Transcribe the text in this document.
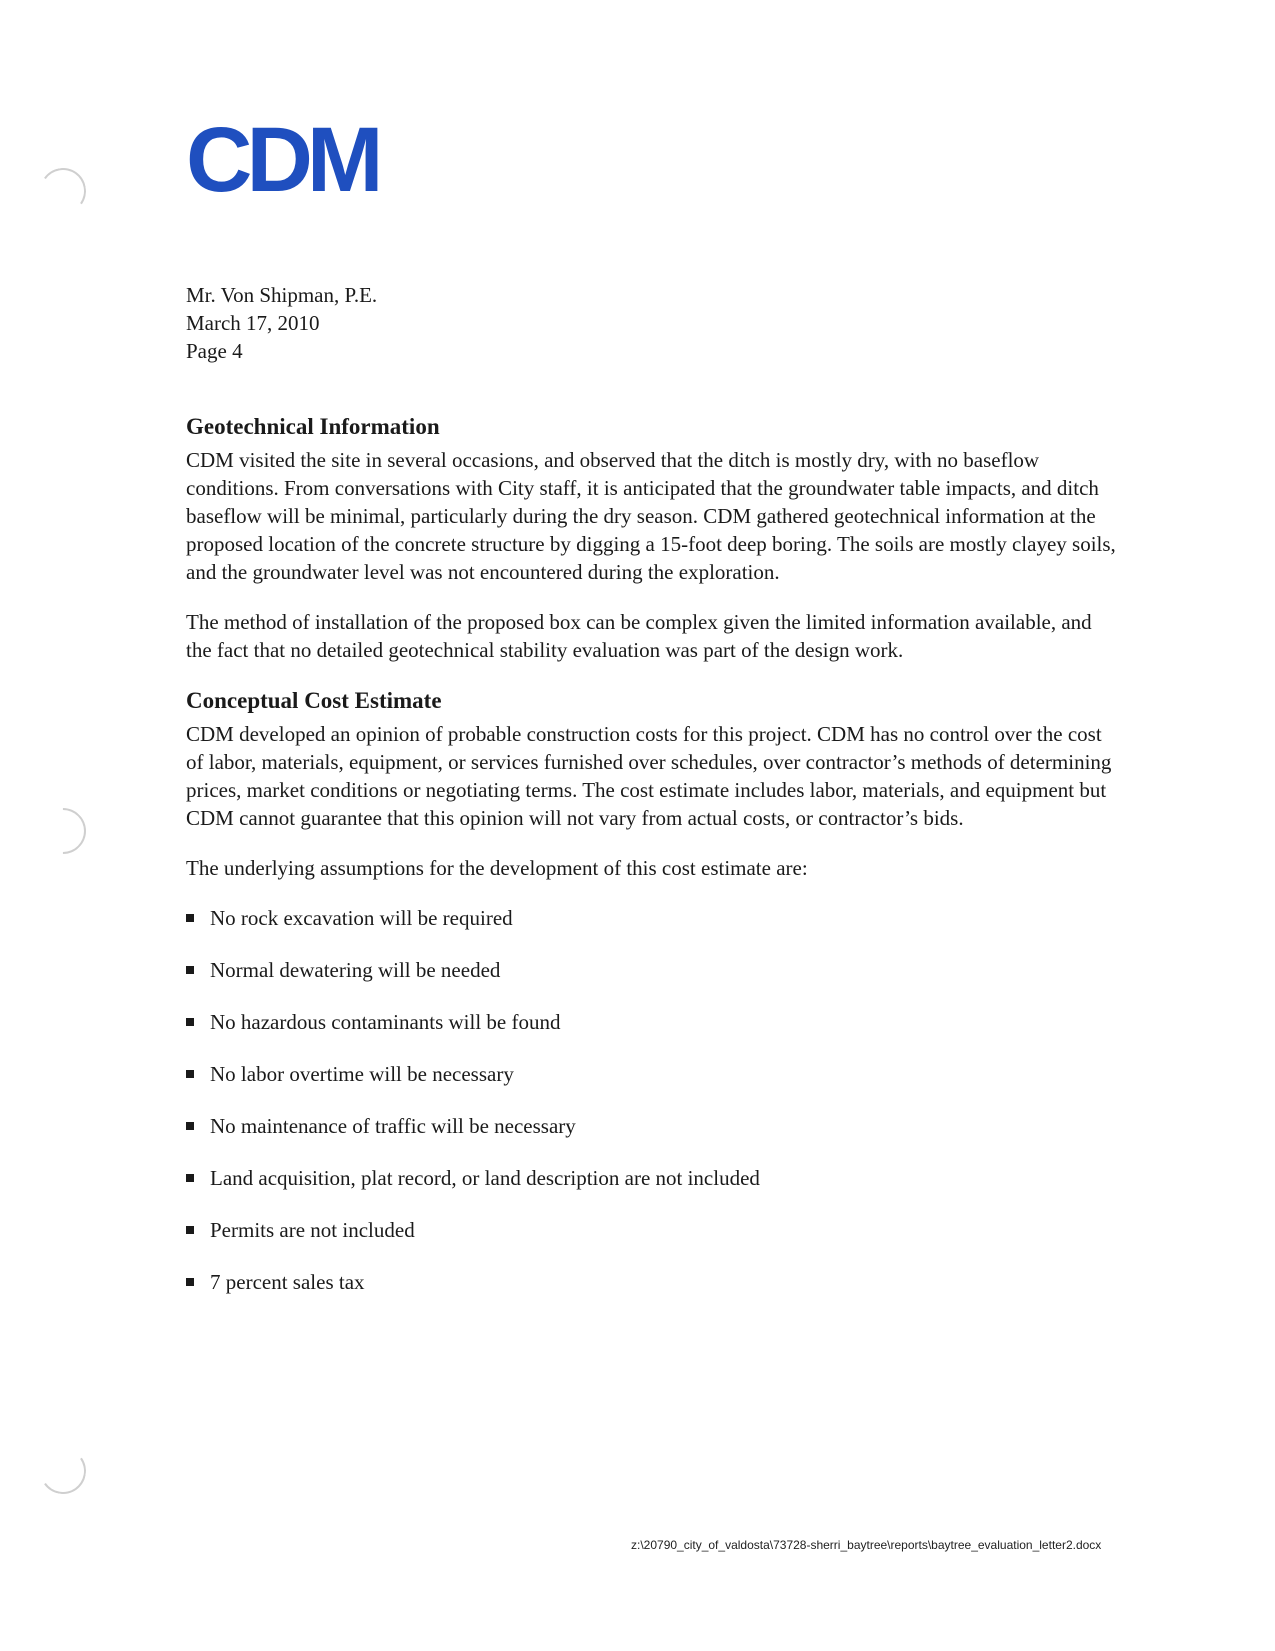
CDM
Mr. Von Shipman, P.E.
March 17, 2010
Page 4
Geotechnical Information

CDM visited the site in several occasions, and observed that the ditch is mostly dry, with no baseflow conditions. From conversations with City staff, it is anticipated that the groundwater table impacts, and ditch baseflow will be minimal, particularly during the dry season. CDM gathered geotechnical information at the proposed location of the concrete structure by digging a 15-foot deep boring. The soils are mostly clayey soils, and the groundwater level was not encountered during the exploration.

The method of installation of the proposed box can be complex given the limited information available, and the fact that no detailed geotechnical stability evaluation was part of the design work.

Conceptual Cost Estimate

CDM developed an opinion of probable construction costs for this project. CDM has no control over the cost of labor, materials, equipment, or services furnished over schedules, over contractor’s methods of determining prices, market conditions or negotiating terms. The cost estimate includes labor, materials, and equipment but CDM cannot guarantee that this opinion will not vary from actual costs, or contractor’s bids.

The underlying assumptions for the development of this cost estimate are:

No rock excavation will be required
Normal dewatering will be needed
No hazardous contaminants will be found
No labor overtime will be necessary
No maintenance of traffic will be necessary
Land acquisition, plat record, or land description are not included
Permits are not included
7 percent sales tax
z:\20790_city_of_valdosta\73728-sherri_baytree\reports\baytree_evaluation_letter2.docx
